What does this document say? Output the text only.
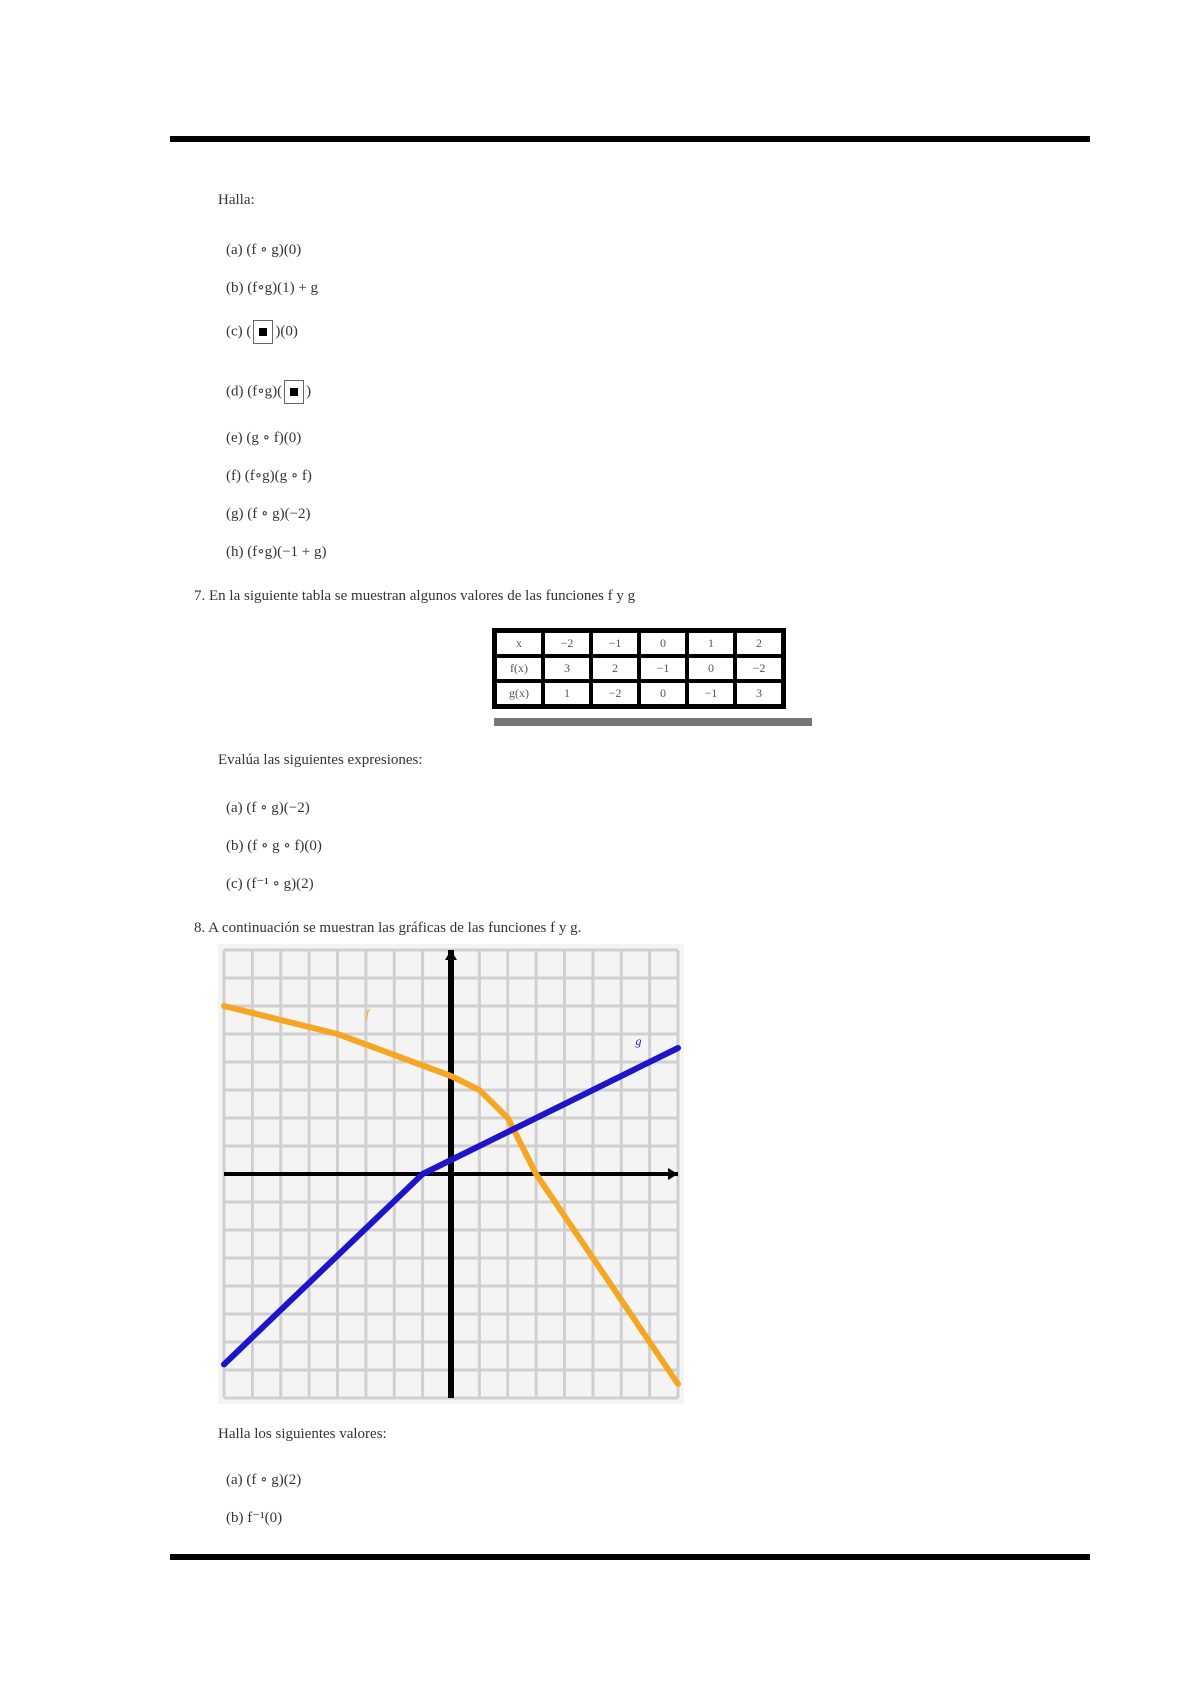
Halla:
(a) (f ∘ g)(0)
(b) (f∘g)(1) + g
(c) ( )(0)
(d) (f∘g)( )
(e) (g ∘ f)(0)
(f) (f∘g)(g ∘ f)
(g) (f ∘ g)(−2)
(h) (f∘g)(−1 + g)
7. En la siguiente tabla se muestran algunos valores de las funciones f y g
x	−2	−1	0	1	2
f(x)	3	2	−1	0	−2
g(x)	1	−2	0	−1	3
Evalúa las siguientes expresiones:
(a) (f ∘ g)(−2)
(b) (f ∘ g ∘ f)(0)
(c) (f⁻¹ ∘ g)(2)
8. A continuación se muestran las gráficas de las funciones f y g.
f
g
Halla los siguientes valores:
(a) (f ∘ g)(2)
(b) f⁻¹(0)
